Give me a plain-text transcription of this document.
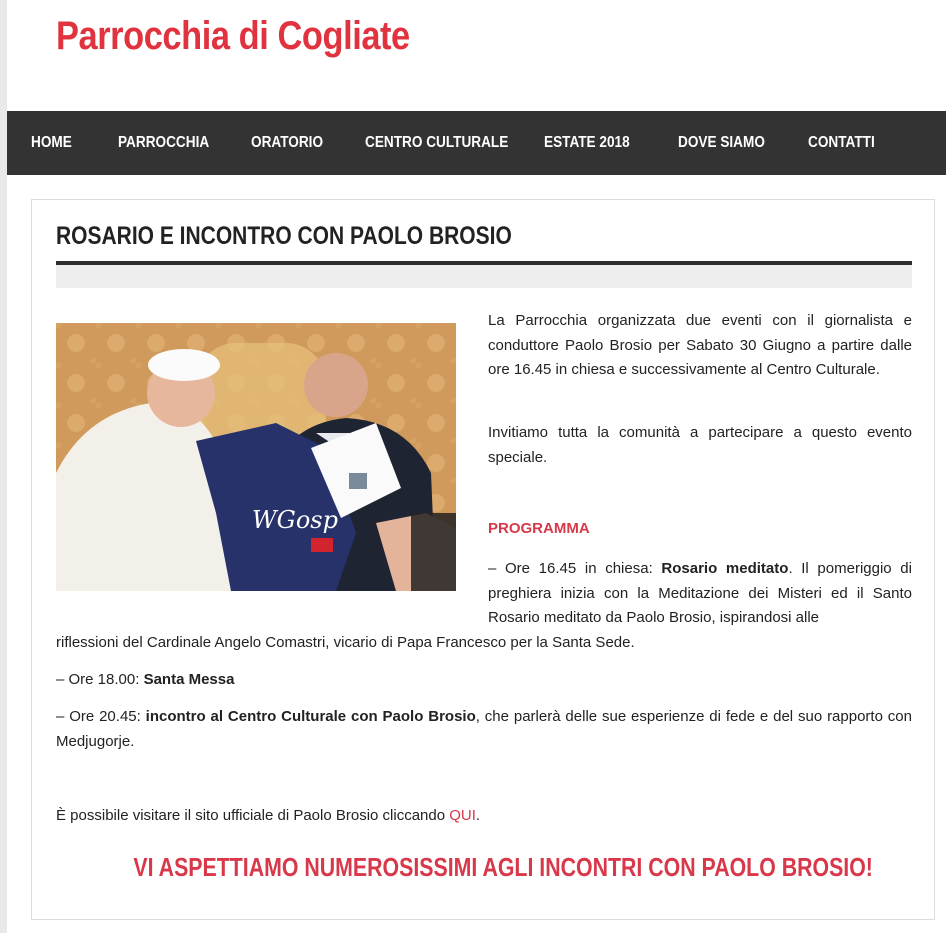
Parrocchia di Cogliate
HOME	PARROCCHIA	ORATORIO	CENTRO CULTURALE ESTATE 2018	DOVE SIAMO	CONTATTI
ROSARIO E INCONTRO CON PAOLO BROSIO
WGosp

La Parrocchia organizzata due eventi con il giornalista e conduttore Paolo Brosio per Sabato 30 Giugno a partire dalle ore 16.45 in chiesa e successivamente al Centro Culturale.

Invitiamo tutta la comunità a partecipare a questo evento speciale.

PROGRAMMA

– Ore 16.45 in chiesa: Rosario meditato. Il pomeriggio di preghiera inizia con la Meditazione dei Misteri ed il Santo Rosario meditato da Paolo Brosio, ispirandosi alle

riflessioni del Cardinale Angelo Comastri, vicario di Papa Francesco per la Santa Sede.

– Ore 18.00: Santa Messa

– Ore 20.45: incontro al Centro Culturale con Paolo Brosio, che parlerà delle sue esperienze di fede e del suo rapporto con Medjugorje.

È possibile visitare il sito ufficiale di Paolo Brosio cliccando QUI.

VI ASPETTIAMO NUMEROSISSIMI AGLI INCONTRI CON PAOLO BROSIO!
